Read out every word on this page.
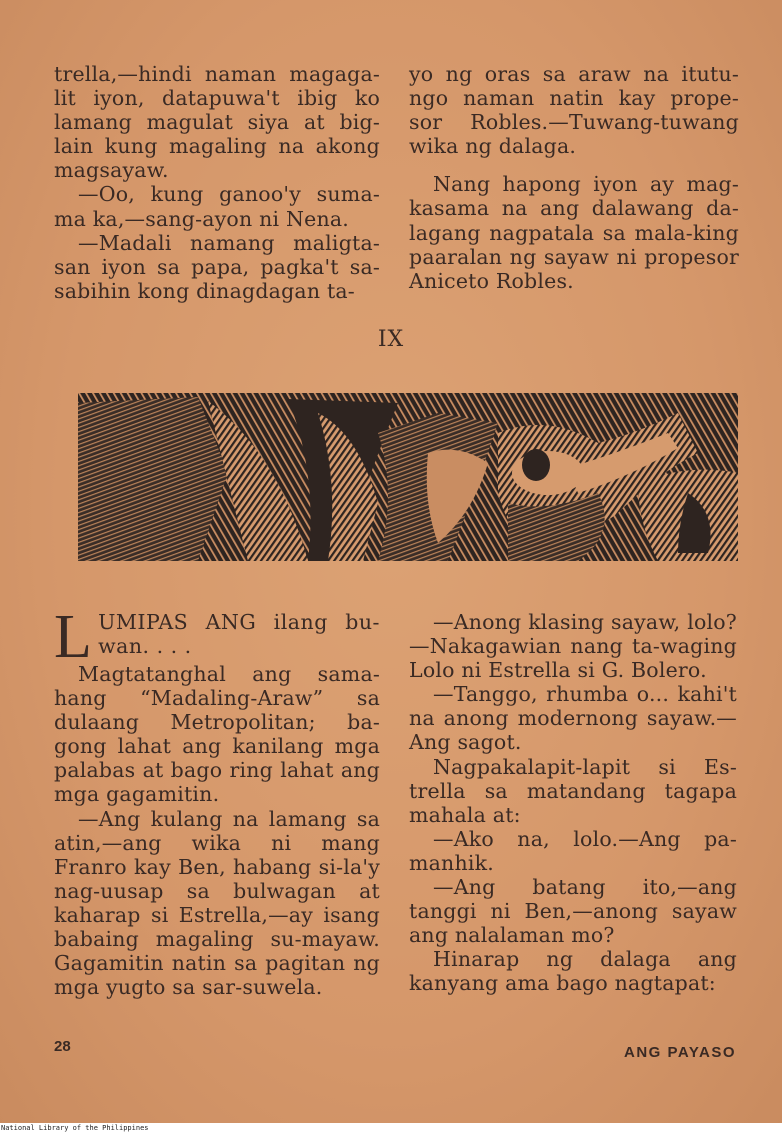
trella,—hindi naman magaga-lit iyon, datapuwa't ibig ko lamang magulat siya at big-lain kung magaling na akong magsayaw.

—Oo, kung ganoo'y suma-ma ka,—sang-ayon ni Nena.

—Madali namang maligta-san iyon sa papa, pagka't sa-sabihin kong dinagdagan ta-

yo ng oras sa araw na itutu-ngo naman natin kay prope-sor Robles.—Tuwang-tuwang wika ng dalaga.

Nang hapong iyon ay mag-kasama na ang dalawang da-lagang nagpatala sa mala-king paaralan ng sayaw ni propesor Aniceto Robles.

IX

LUMIPAS ANG ilang bu-wan. . . .

Magtatanghal ang sama-hang “Madaling-Araw” sa dulaang Metropolitan; ba-gong lahat ang kanilang mga palabas at bago ring lahat ang mga gagamitin.

—Ang kulang na lamang sa atin,—ang wika ni mang Franro kay Ben, habang si-la'y nag-uusap sa bulwagan at kaharap si Estrella,—ay isang babaing magaling su-mayaw. Gagamitin natin sa pagitan ng mga yugto sa sar-suwela.

—Anong klasing sayaw, lolo?—Nakagawian nang ta-waging Lolo ni Estrella si G. Bolero.

—Tanggo, rhumba o... kahi't na anong modernong sayaw.—Ang sagot.

Nagpakalapit-lapit si Es-trella sa matandang tagapa mahala at:

—Ako na, lolo.—Ang pa-manhik.

—Ang batang ito,—ang tanggi ni Ben,—anong sayaw ang nalalaman mo?

Hinarap ng dalaga ang kanyang ama bago nagtapat:

28	ANG PAYASO
National Library of the Philippines
